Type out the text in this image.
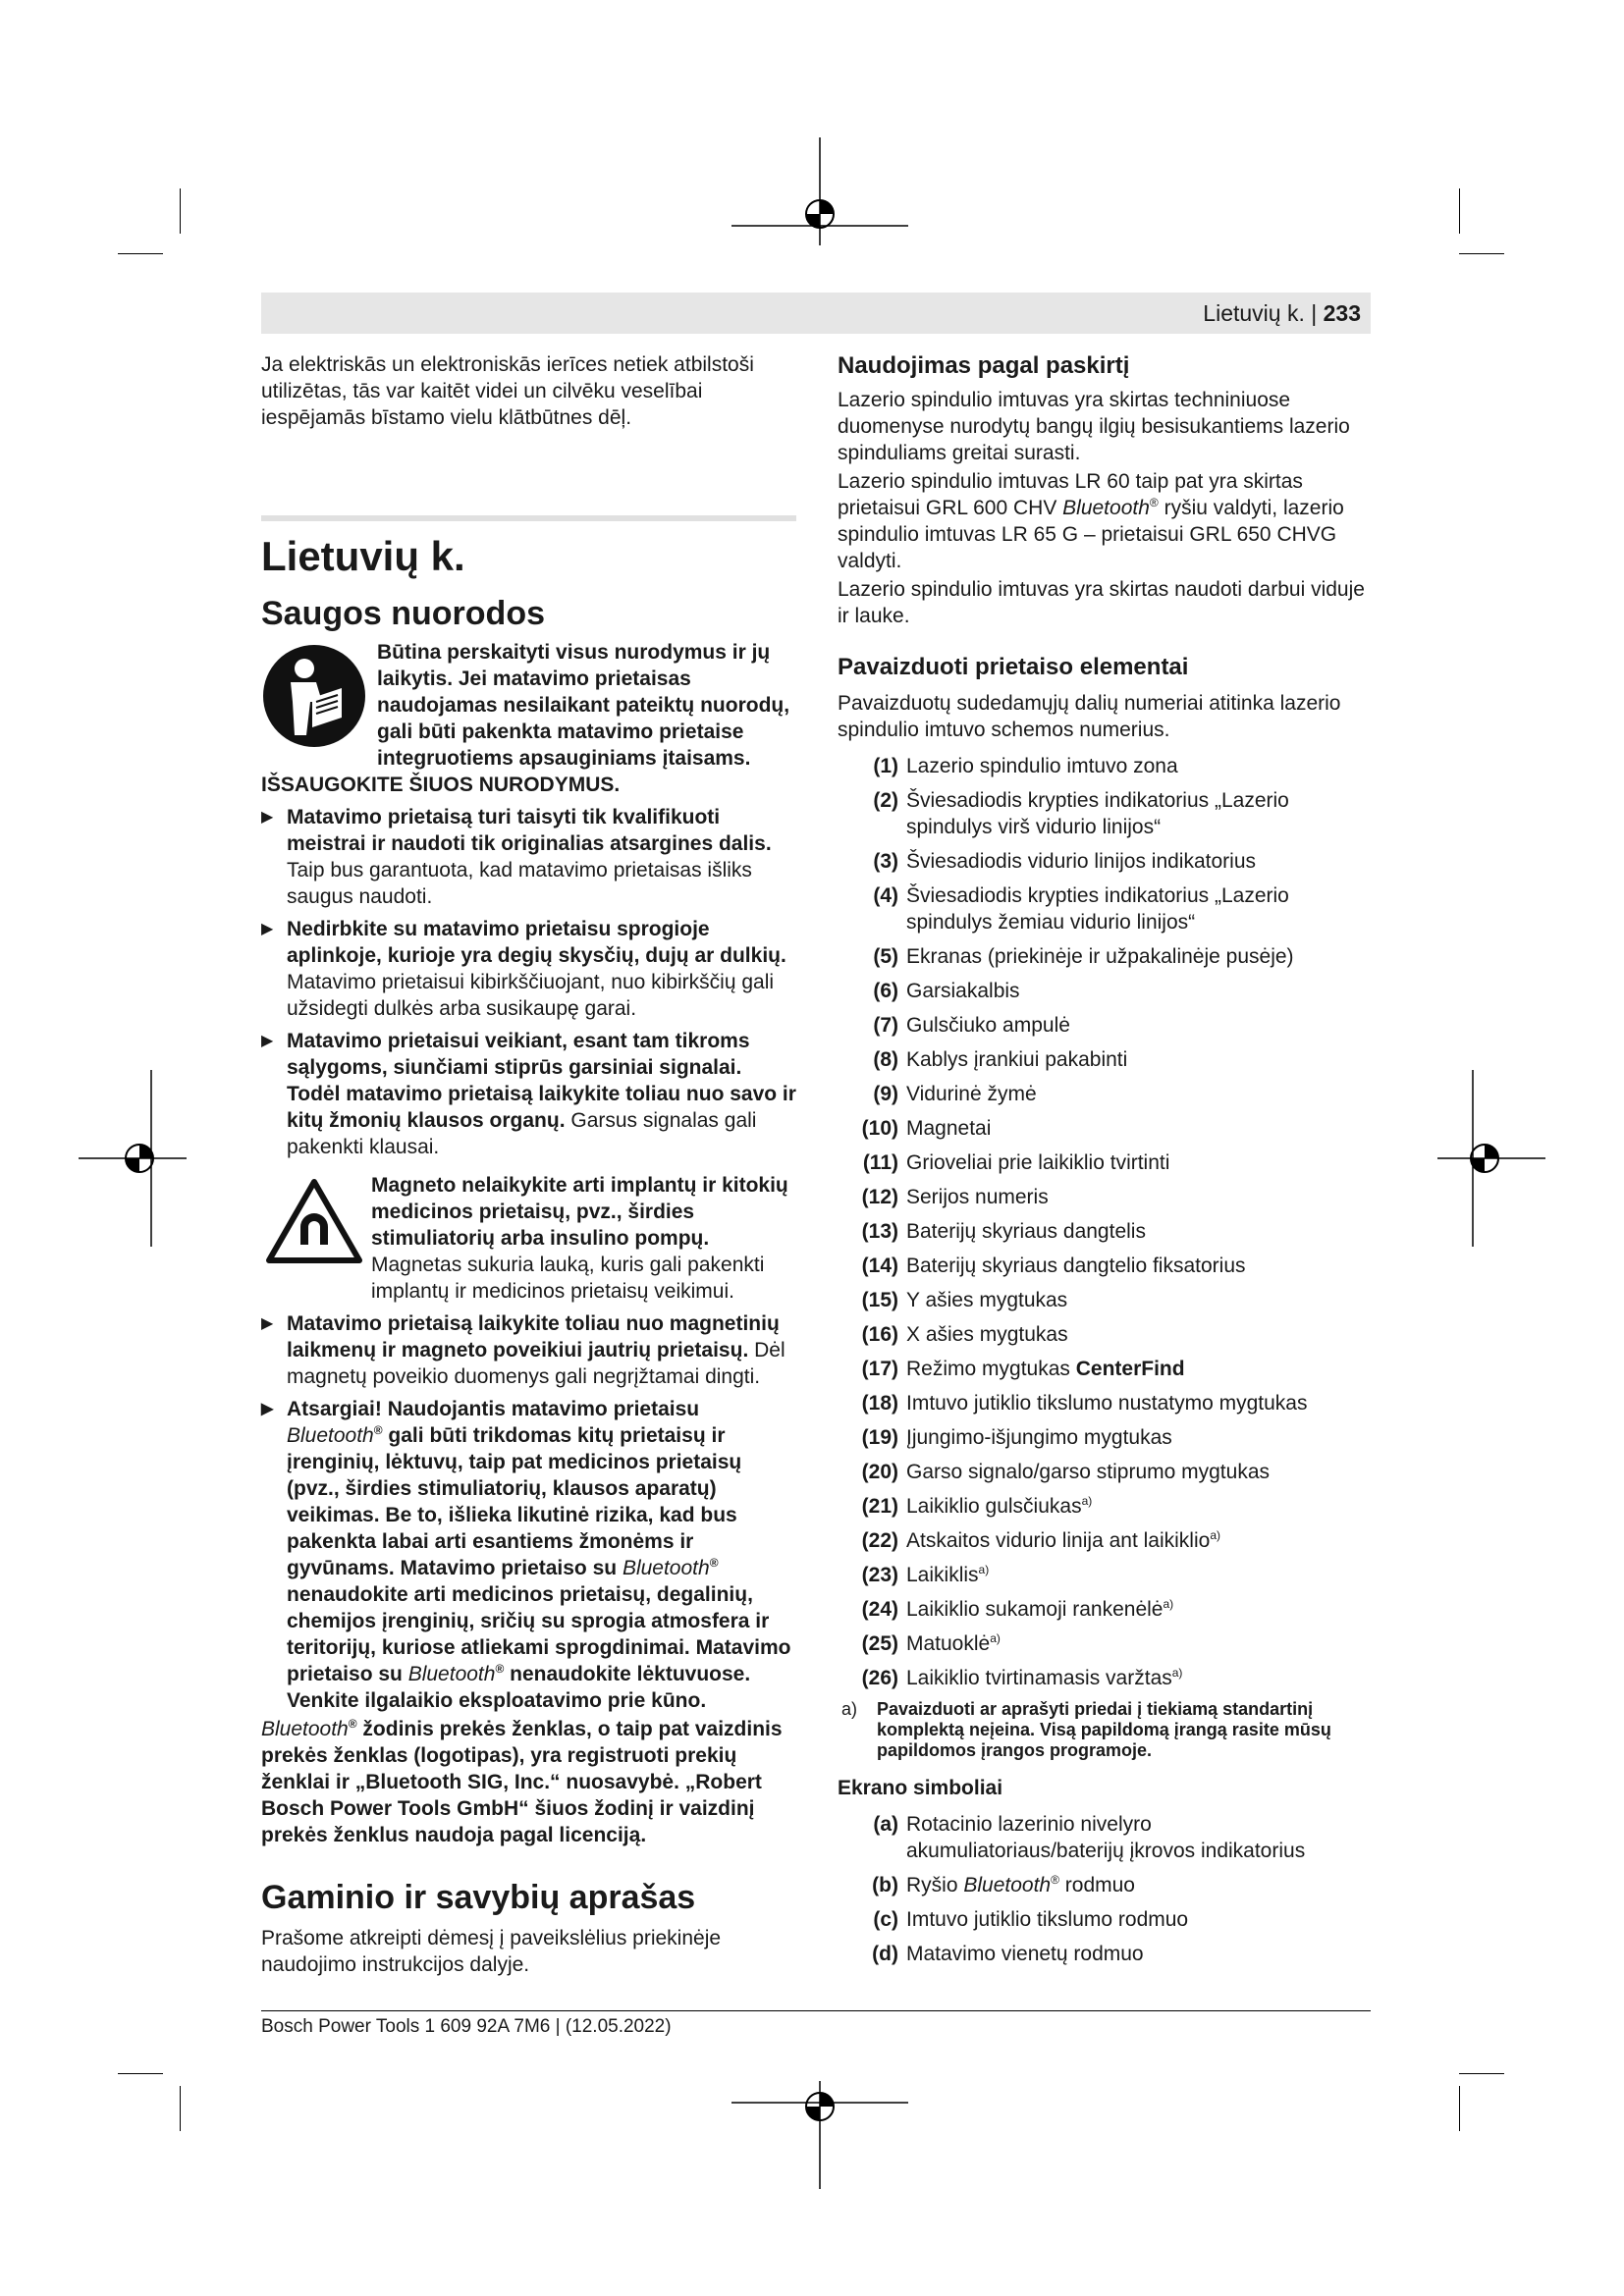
Lietuvių k. | 233

Ja elektriskās un elektroniskās ierīces netiek atbilstoši utilizētas, tās var kaitēt videi un cilvēku veselībai iespējamās bīstamo vielu klātbūtnes dēļ.

Lietuvių k.
Saugos nuorodos
Būtina perskaityti visus nurodymus ir jų laikytis. Jei matavimo prietaisas naudojamas nesilaikant pateiktų nuorodų, gali būti pakenkta matavimo prietaise integruotiems apsauginiams įtaisams. IŠSAUGOKITE ŠIUOS NURODYMUS.
▶ Matavimo prietaisą turi taisyti tik kvalifikuoti meistrai ir naudoti tik originalias atsargines dalis. Taip bus garantuota, kad matavimo prietaisas išliks saugus naudoti.
▶ Nedirbkite su matavimo prietaisu sprogioje aplinkoje, kurioje yra degių skysčių, dujų ar dulkių. Matavimo prietaisui kibirkščiuojant, nuo kibirkščių gali užsidegti dulkės arba susikaupę garai.
▶ Matavimo prietaisui veikiant, esant tam tikroms sąlygoms, siunčiami stiprūs garsiniai signalai. Todėl matavimo prietaisą laikykite toliau nuo savo ir kitų žmonių klausos organų. Garsus signalas gali pakenkti klausai.
Magneto nelaikykite arti implantų ir kitokių medicinos prietaisų, pvz., širdies stimuliatorių arba insulino pompų. Magnetas sukuria lauką, kuris gali pakenkti implantų ir medicinos prietaisų veikimui.
▶ Matavimo prietaisą laikykite toliau nuo magnetinių laikmenų ir magneto poveikiui jautrių prietaisų. Dėl magnetų poveikio duomenys gali negrįžtamai dingti.
▶ Atsargiai! Naudojantis matavimo prietaisu Bluetooth® gali būti trikdomas kitų prietaisų ir įrenginių, lėktuvų, taip pat medicinos prietaisų (pvz., širdies stimuliatorių, klausos aparatų) veikimas. Be to, išlieka likutinė rizika, kad bus pakenkta labai arti esantiems žmonėms ir gyvūnams. Matavimo prietaiso su Bluetooth® nenaudokite arti medicinos prietaisų, degalinių, chemijos įrenginių, sričių su sprogia atmosfera ir teritorijų, kuriose atliekami sprogdinimai. Matavimo prietaiso su Bluetooth® nenaudokite lėktuvuose. Venkite ilgalaikio eksploatavimo prie kūno.

Bluetooth® žodinis prekės ženklas, o taip pat vaizdinis prekės ženklas (logotipas), yra registruoti prekių ženklai ir „Bluetooth SIG, Inc.“ nuosavybė. „Robert Bosch Power Tools GmbH“ šiuos žodinį ir vaizdinį prekės ženklus naudoja pagal licenciją.

Gaminio ir savybių aprašas

Prašome atkreipti dėmesį į paveikslėlius priekinėje naudojimo instrukcijos dalyje.

Naudojimas pagal paskirtį

Lazerio spindulio imtuvas yra skirtas techniniuose duomenyse nurodytų bangų ilgių besisukantiems lazerio spinduliams greitai surasti.

Lazerio spindulio imtuvas LR 60 taip pat yra skirtas prietaisui GRL 600 CHV Bluetooth® ryšiu valdyti, lazerio spindulio imtuvas LR 65 G – prietaisui GRL 650 CHVG valdyti.

Lazerio spindulio imtuvas yra skirtas naudoti darbui viduje ir lauke.

Pavaizduoti prietaiso elementai

Pavaizduotų sudedamųjų dalių numeriai atitinka lazerio spindulio imtuvo schemos numerius.

(1) Lazerio spindulio imtuvo zona
(2) Šviesadiodis krypties indikatorius „Lazerio spindulys virš vidurio linijos“
(3) Šviesadiodis vidurio linijos indikatorius
(4) Šviesadiodis krypties indikatorius „Lazerio spindulys žemiau vidurio linijos“
(5) Ekranas (priekinėje ir užpakalinėje pusėje)
(6) Garsiakalbis
(7) Gulsčiuko ampulė
(8) Kablys įrankiui pakabinti
(9) Vidurinė žymė
(10) Magnetai
(11) Grioveliai prie laikiklio tvirtinti
(12) Serijos numeris
(13) Baterijų skyriaus dangtelis
(14) Baterijų skyriaus dangtelio fiksatorius
(15) Y ašies mygtukas
(16) X ašies mygtukas
(17) Režimo mygtukas CenterFind
(18) Imtuvo jutiklio tikslumo nustatymo mygtukas
(19) Įjungimo-išjungimo mygtukas
(20) Garso signalo/garso stiprumo mygtukas
(21) Laikiklio gulsčiukas$^{a)}$
(22) Atskaitos vidurio linija ant laikiklio$^{a)}$
(23) Laikiklis$^{a)}$
(24) Laikiklio sukamoji rankenėlė$^{a)}$
(25) Matuoklė$^{a)}$
(26) Laikiklio tvirtinamasis varžtas$^{a)}$
a) Pavaizduoti ar aprašyti priedai į tiekiamą standartinį komplektą neįeina. Visą papildomą įrangą rasite mūsų papildomos įrangos programoje.
Ekrano simboliai
(a) Rotacinio lazerinio nivelyro akumuliatoriaus/baterijų įkrovos indikatorius
(b) Ryšio Bluetooth® rodmuo
(c) Imtuvo jutiklio tikslumo rodmuo
(d) Matavimo vienetų rodmuo
Bosch Power Tools 1 609 92A 7M6 | (12.05.2022)
